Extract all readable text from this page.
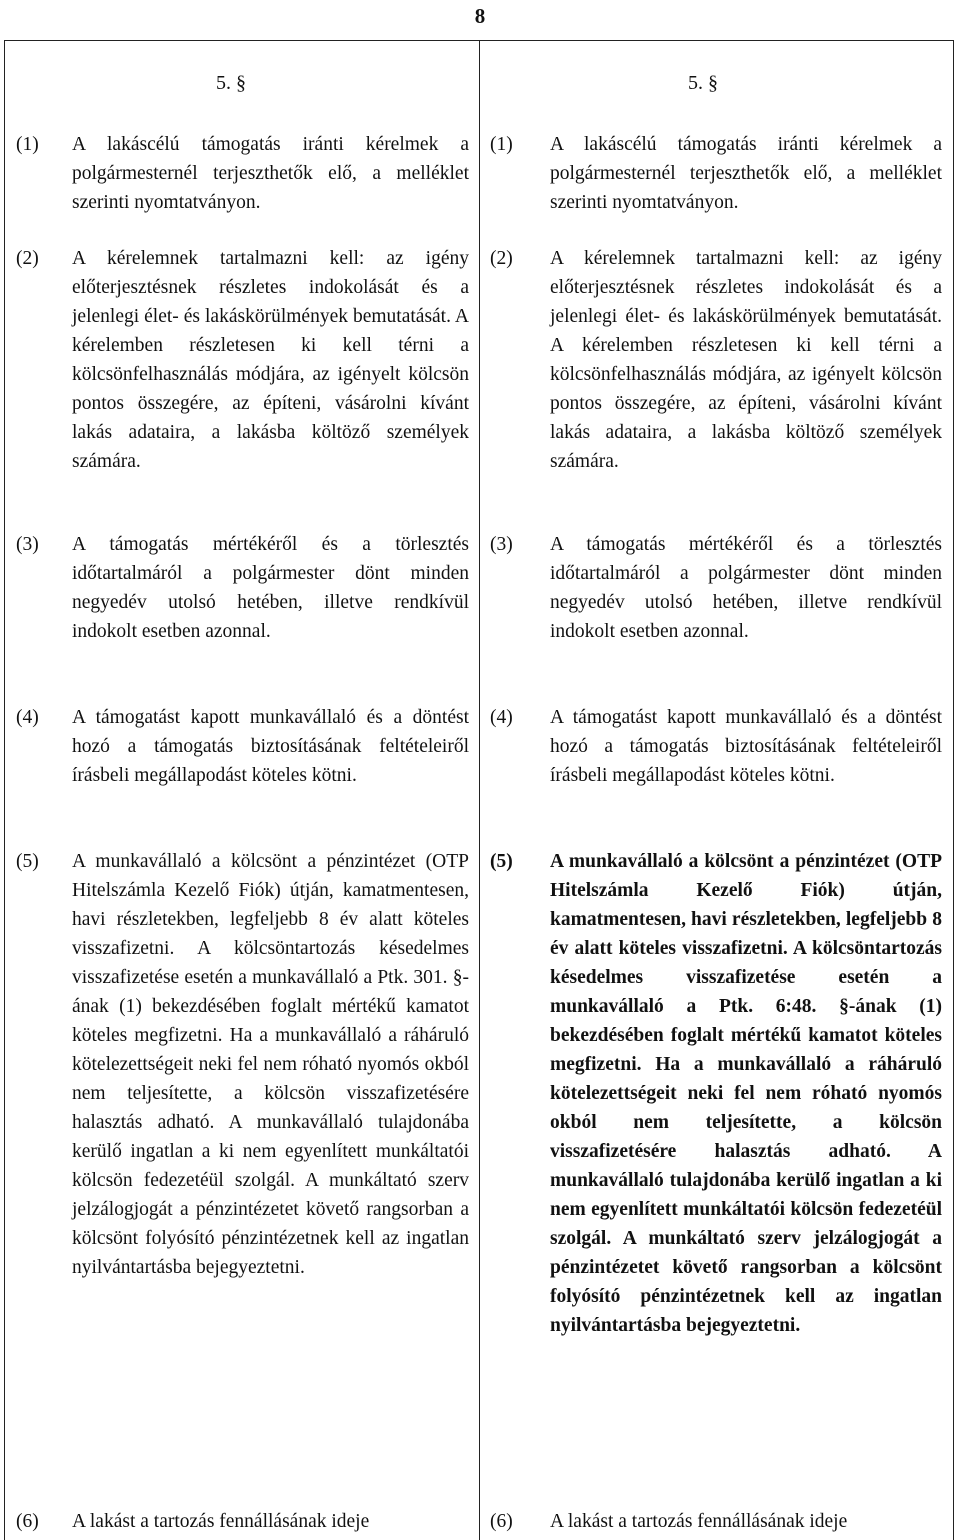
8
5. §
(1) A lakáscélú támogatás iránti kérelmek a polgármesternél terjeszthetők elő, a melléklet szerinti nyomtatványon.
(2) A kérelemnek tartalmazni kell: az igény előterjesztésnek részletes indokolását és a jelenlegi élet- és lakáskörülmények bemutatását. A kérelemben részletesen ki kell térni a kölcsönfelhasználás módjára, az igényelt kölcsön pontos összegére, az építeni, vásárolni kívánt lakás adataira, a lakásba költöző személyek számára.
(3) A támogatás mértékéről és a törlesztés időtartalmáról a polgármester dönt minden negyedév utolsó hetében, illetve rendkívül indokolt esetben azonnal.
(4) A támogatást kapott munkavállaló és a döntést hozó a támogatás biztosításának feltételeiről írásbeli megállapodást köteles kötni.
(5) A munkavállaló a kölcsönt a pénzintézet (OTP Hitelszámla Kezelő Fiók) útján, kamatmentesen, havi részletekben, legfeljebb 8 év alatt köteles visszafizetni. A kölcsöntartozás késedelmes visszafizetése esetén a munkavállaló a Ptk. 301. §-ának (1) bekezdésében foglalt mértékű kamatot köteles megfizetni. Ha a munkavállaló a ráháruló kötelezettségeit neki fel nem róható nyomós okból nem teljesítette, a kölcsön visszafizetésére halasztás adható. A munkavállaló tulajdonába kerülő ingatlan a ki nem egyenlített munkáltatói kölcsön fedezetéül szolgál. A munkáltató szerv jelzálogjogát a pénzintézetet követő rangsorban a kölcsönt folyósító pénzintézetnek kell az ingatlan nyilvántartásba bejegyeztetni.
(6) A lakást a tartozás fennállásának ideje
5. §
(1) A lakáscélú támogatás iránti kérelmek a polgármesternél terjeszthetők elő, a melléklet szerinti nyomtatványon.
(2) A kérelemnek tartalmazni kell: az igény előterjesztésnek részletes indokolását és a jelenlegi élet- és lakáskörülmények bemutatását. A kérelemben részletesen ki kell térni a kölcsönfelhasználás módjára, az igényelt kölcsön pontos összegére, az építeni, vásárolni kívánt lakás adataira, a lakásba költöző személyek számára.
(3) A támogatás mértékéről és a törlesztés időtartalmáról a polgármester dönt minden negyedév utolsó hetében, illetve rendkívül indokolt esetben azonnal.
(4) A támogatást kapott munkavállaló és a döntést hozó a támogatás biztosításának feltételeiről írásbeli megállapodást köteles kötni.
(5) A munkavállaló a kölcsönt a pénzintézet (OTP Hitelszámla Kezelő Fiók) útján, kamatmentesen, havi részletekben, legfeljebb 8 év alatt köteles visszafizetni. A kölcsöntartozás késedelmes visszafizetése esetén a munkavállaló a Ptk. 6:48. §-ának (1) bekezdésében foglalt mértékű kamatot köteles megfizetni. Ha a munkavállaló a ráháruló kötelezettségeit neki fel nem róható nyomós okból nem teljesítette, a kölcsön visszafizetésére halasztás adható. A munkavállaló tulajdonába kerülő ingatlan a ki nem egyenlített munkáltatói kölcsön fedezetéül szolgál. A munkáltató szerv jelzálogjogát a pénzintézetet követő rangsorban a kölcsönt folyósító pénzintézetnek kell az ingatlan nyilvántartásba bejegyeztetni.
(6) A lakást a tartozás fennállásának ideje
